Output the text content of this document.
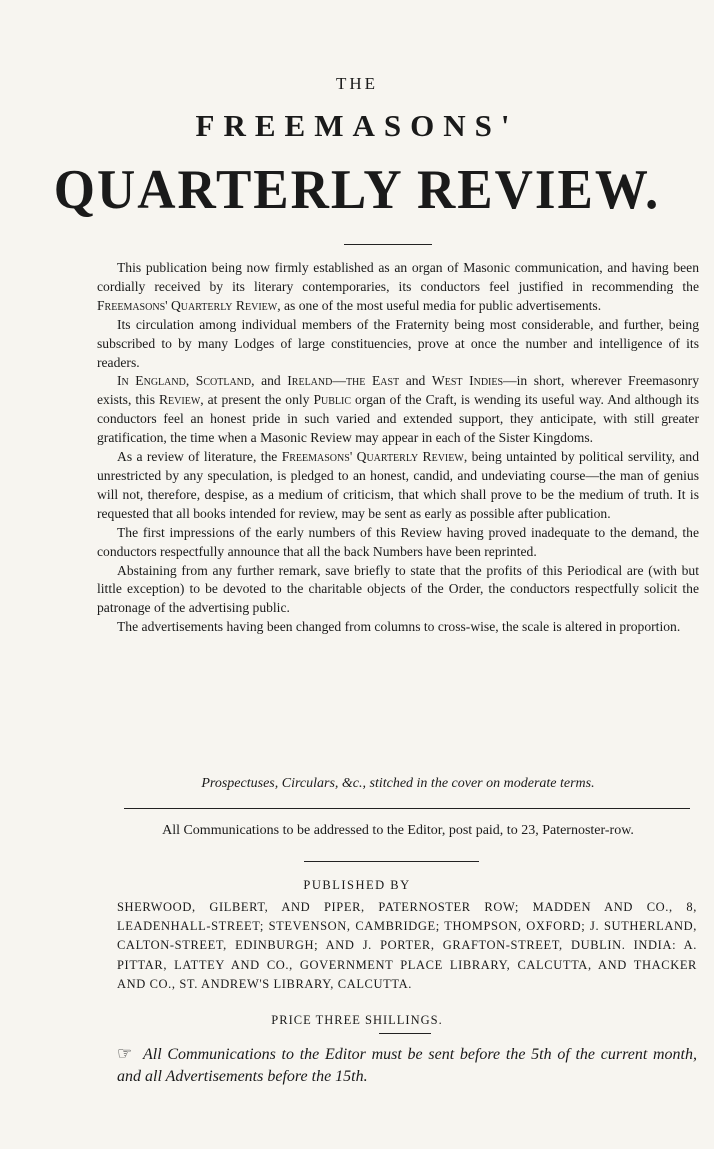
THE
FREEMASONS'
QUARTERLY REVIEW.

This publication being now firmly established as an organ of Masonic communication, and having been cordially received by its literary contemporaries, its conductors feel justified in recommending the Freemasons' Quarterly Review, as one of the most useful media for public advertisements.

Its circulation among individual members of the Fraternity being most considerable, and further, being subscribed to by many Lodges of large constituencies, prove at once the number and intelligence of its readers.

In England, Scotland, and Ireland—the East and West Indies—in short, wherever Freemasonry exists, this Review, at present the only Public organ of the Craft, is wending its useful way. And although its conductors feel an honest pride in such varied and extended support, they anticipate, with still greater gratification, the time when a Masonic Review may appear in each of the Sister Kingdoms.

As a review of literature, the Freemasons' Quarterly Review, being untainted by political servility, and unrestricted by any speculation, is pledged to an honest, candid, and undeviating course—the man of genius will not, therefore, despise, as a medium of criticism, that which shall prove to be the medium of truth. It is requested that all books intended for review, may be sent as early as possible after publication.

The first impressions of the early numbers of this Review having proved inadequate to the demand, the conductors respectfully announce that all the back Numbers have been reprinted.

Abstaining from any further remark, save briefly to state that the profits of this Periodical are (with but little exception) to be devoted to the charitable objects of the Order, the conductors respectfully solicit the patronage of the advertising public.

The advertisements having been changed from columns to cross-wise, the scale is altered in proportion.

Prospectuses, Circulars, &c., stitched in the cover on moderate terms.
All Communications to be addressed to the Editor, post paid, to 23, Paternoster-row.
PUBLISHED BY
SHERWOOD, GILBERT, AND PIPER, PATERNOSTER ROW; MADDEN AND CO., 8, LEADENHALL-STREET; STEVENSON, CAMBRIDGE; THOMPSON, OXFORD; J. SUTHERLAND, CALTON-STREET, EDINBURGH; AND J. PORTER, GRAFTON-STREET, DUBLIN. INDIA: A. PITTAR, LATTEY AND CO., GOVERNMENT PLACE LIBRARY, CALCUTTA, AND THACKER AND CO., ST. ANDREW'S LIBRARY, CALCUTTA.
PRICE THREE SHILLINGS.
☞ All Communications to the Editor must be sent before the 5th of the current month, and all Advertisements before the 15th.
